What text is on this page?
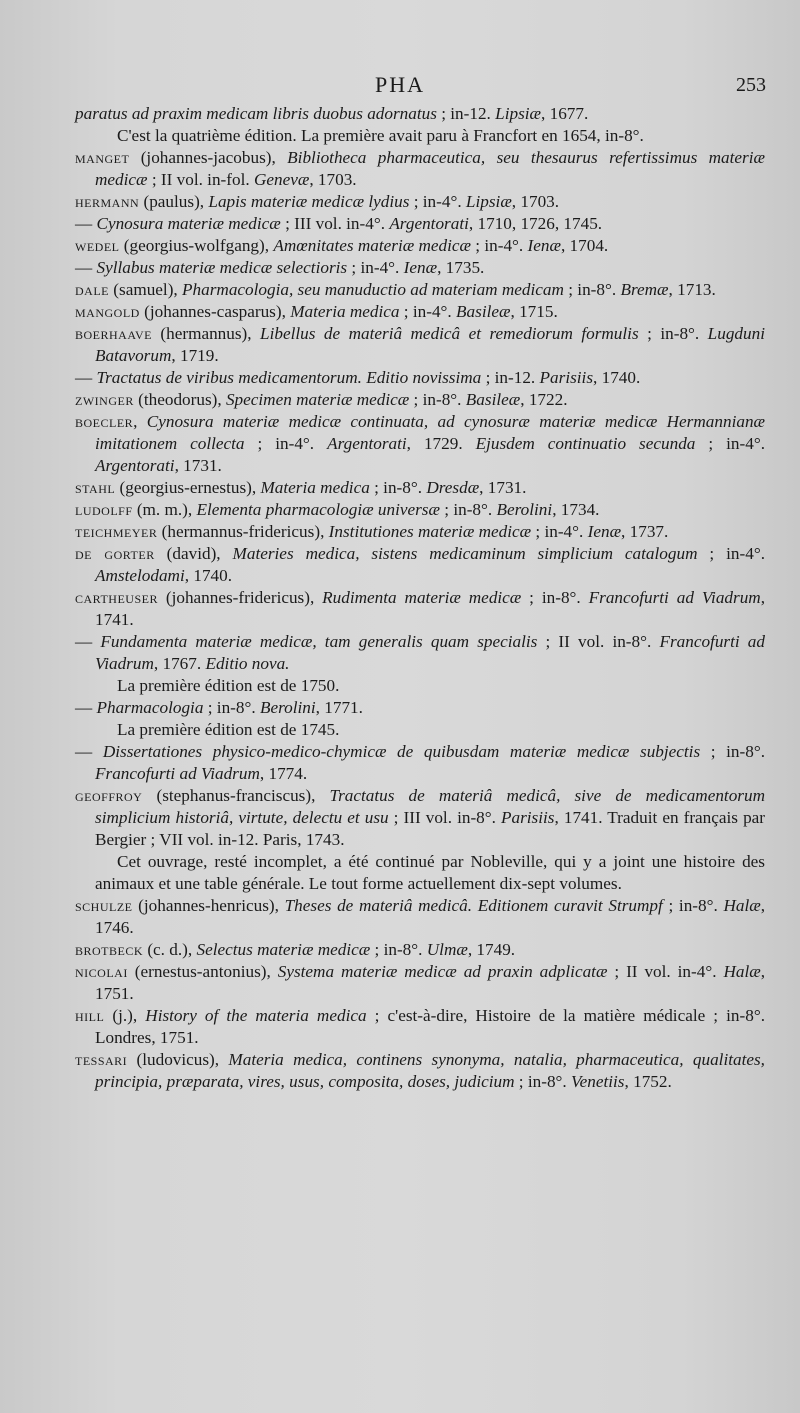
PHA	253

paratus ad praxim medicam libris duobus adornatus ; in-12. Lipsiæ, 1677.

C'est la quatrième édition. La première avait paru à Francfort en 1654, in-8°.

manget (johannes-jacobus), Bibliotheca pharmaceutica, seu thesaurus refertissimus materiæ medicæ ; II vol. in-fol. Genevæ, 1703.

hermann (paulus), Lapis materiæ medicæ lydius ; in-4°. Lipsiæ, 1703.

— Cynosura materiæ medicæ ; III vol. in-4°. Argentorati, 1710, 1726, 1745.

wedel (georgius-wolfgang), Amœnitates materiæ medicæ ; in-4°. Ienæ, 1704.

— Syllabus materiæ medicæ selectioris ; in-4°. Ienæ, 1735.

dale (samuel), Pharmacologia, seu manuductio ad materiam medicam ; in-8°. Bremæ, 1713.

mangold (johannes-casparus), Materia medica ; in-4°. Basileæ, 1715.

boerhaave (hermannus), Libellus de materiâ medicâ et remediorum formulis ; in-8°. Lugduni Batavorum, 1719.

— Tractatus de viribus medicamentorum. Editio novissima ; in-12. Parisiis, 1740.

zwinger (theodorus), Specimen materiæ medicæ ; in-8°. Basileæ, 1722.

boecler, Cynosura materiæ medicæ continuata, ad cynosuræ materiæ medicæ Hermannianæ imitationem collecta ; in-4°. Argentorati, 1729. Ejusdem continuatio secunda ; in-4°. Argentorati, 1731.

stahl (georgius-ernestus), Materia medica ; in-8°. Dresdæ, 1731.

ludolff (m. m.), Elementa pharmacologiæ universæ ; in-8°. Berolini, 1734.

teichmeyer (hermannus-fridericus), Institutiones materiæ medicæ ; in-4°. Ienæ, 1737.

de gorter (david), Materies medica, sistens medicaminum simplicium catalogum ; in-4°. Amstelodami, 1740.

cartheuser (johannes-fridericus), Rudimenta materiæ medicæ ; in-8°. Francofurti ad Viadrum, 1741.

— Fundamenta materiæ medicæ, tam generalis quam specialis ; II vol. in-8°. Francofurti ad Viadrum, 1767. Editio nova.

La première édition est de 1750.

— Pharmacologia ; in-8°. Berolini, 1771.

La première édition est de 1745.

— Dissertationes physico-medico-chymicæ de quibusdam materiæ medicæ subjectis ; in-8°. Francofurti ad Viadrum, 1774.

geoffroy (stephanus-franciscus), Tractatus de materiâ medicâ, sive de medicamentorum simplicium historiâ, virtute, delectu et usu ; III vol. in-8°. Parisiis, 1741. Traduit en français par Bergier ; VII vol. in-12. Paris, 1743.

Cet ouvrage, resté incomplet, a été continué par Nobleville, qui y a joint une histoire des animaux et une table générale. Le tout forme actuellement dix-sept volumes.

schulze (johannes-henricus), Theses de materiâ medicâ. Editionem curavit Strumpf ; in-8°. Halæ, 1746.

brotbeck (c. d.), Selectus materiæ medicæ ; in-8°. Ulmæ, 1749.

nicolai (ernestus-antonius), Systema materiæ medicæ ad praxin adplicatæ ; II vol. in-4°. Halæ, 1751.

hill (j.), History of the materia medica ; c'est-à-dire, Histoire de la matière médicale ; in-8°. Londres, 1751.

tessari (ludovicus), Materia medica, continens synonyma, natalia, pharmaceutica, qualitates, principia, præparata, vires, usus, composita, doses, judicium ; in-8°. Venetiis, 1752.
